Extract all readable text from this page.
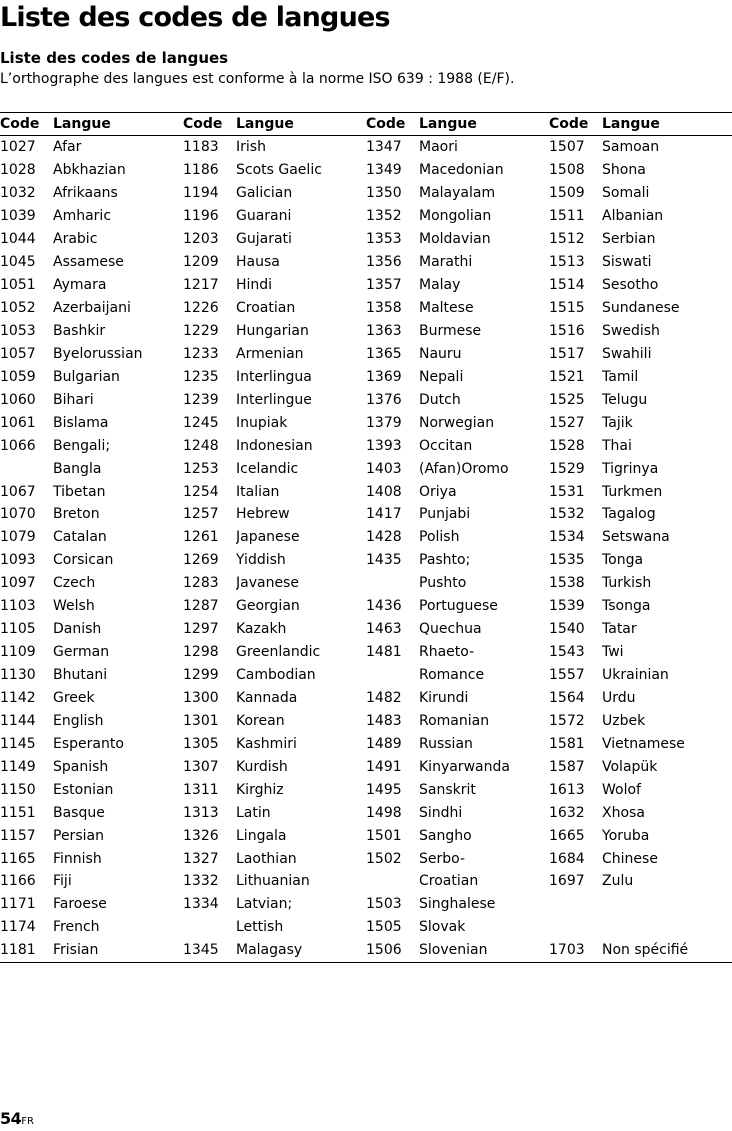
Liste des codes de langues
Liste des codes de langues
L’orthographe des langues est conforme à la norme ISO 639 : 1988 (E/F).
Code	Langue	Code	Langue	Code	Langue	Code	Langue
1027	Afar	1183	Irish	1347	Maori	1507	Samoan
1028	Abkhazian	1186	Scots Gaelic	1349	Macedonian	1508	Shona
1032	Afrikaans	1194	Galician	1350	Malayalam	1509	Somali
1039	Amharic	1196	Guarani	1352	Mongolian	1511	Albanian
1044	Arabic	1203	Gujarati	1353	Moldavian	1512	Serbian
1045	Assamese	1209	Hausa	1356	Marathi	1513	Siswati
1051	Aymara	1217	Hindi	1357	Malay	1514	Sesotho
1052	Azerbaijani	1226	Croatian	1358	Maltese	1515	Sundanese
1053	Bashkir	1229	Hungarian	1363	Burmese	1516	Swedish
1057	Byelorussian	1233	Armenian	1365	Nauru	1517	Swahili
1059	Bulgarian	1235	Interlingua	1369	Nepali	1521	Tamil
1060	Bihari	1239	Interlingue	1376	Dutch	1525	Telugu
1061	Bislama	1245	Inupiak	1379	Norwegian	1527	Tajik
1066	Bengali;	1248	Indonesian	1393	Occitan	1528	Thai
	Bangla	1253	Icelandic	1403	(Afan)Oromo	1529	Tigrinya
1067	Tibetan	1254	Italian	1408	Oriya	1531	Turkmen
1070	Breton	1257	Hebrew	1417	Punjabi	1532	Tagalog
1079	Catalan	1261	Japanese	1428	Polish	1534	Setswana
1093	Corsican	1269	Yiddish	1435	Pashto;	1535	Tonga
1097	Czech	1283	Javanese		Pushto	1538	Turkish
1103	Welsh	1287	Georgian	1436	Portuguese	1539	Tsonga
1105	Danish	1297	Kazakh	1463	Quechua	1540	Tatar
1109	German	1298	Greenlandic	1481	Rhaeto-	1543	Twi
1130	Bhutani	1299	Cambodian		Romance	1557	Ukrainian
1142	Greek	1300	Kannada	1482	Kirundi	1564	Urdu
1144	English	1301	Korean	1483	Romanian	1572	Uzbek
1145	Esperanto	1305	Kashmiri	1489	Russian	1581	Vietnamese
1149	Spanish	1307	Kurdish	1491	Kinyarwanda	1587	Volapük
1150	Estonian	1311	Kirghiz	1495	Sanskrit	1613	Wolof
1151	Basque	1313	Latin	1498	Sindhi	1632	Xhosa
1157	Persian	1326	Lingala	1501	Sangho	1665	Yoruba
1165	Finnish	1327	Laothian	1502	Serbo-	1684	Chinese
1166	Fiji	1332	Lithuanian		Croatian	1697	Zulu
1171	Faroese	1334	Latvian;	1503	Singhalese		
1174	French		Lettish	1505	Slovak		
1181	Frisian	1345	Malagasy	1506	Slovenian	1703	Non spécifié
54FR
